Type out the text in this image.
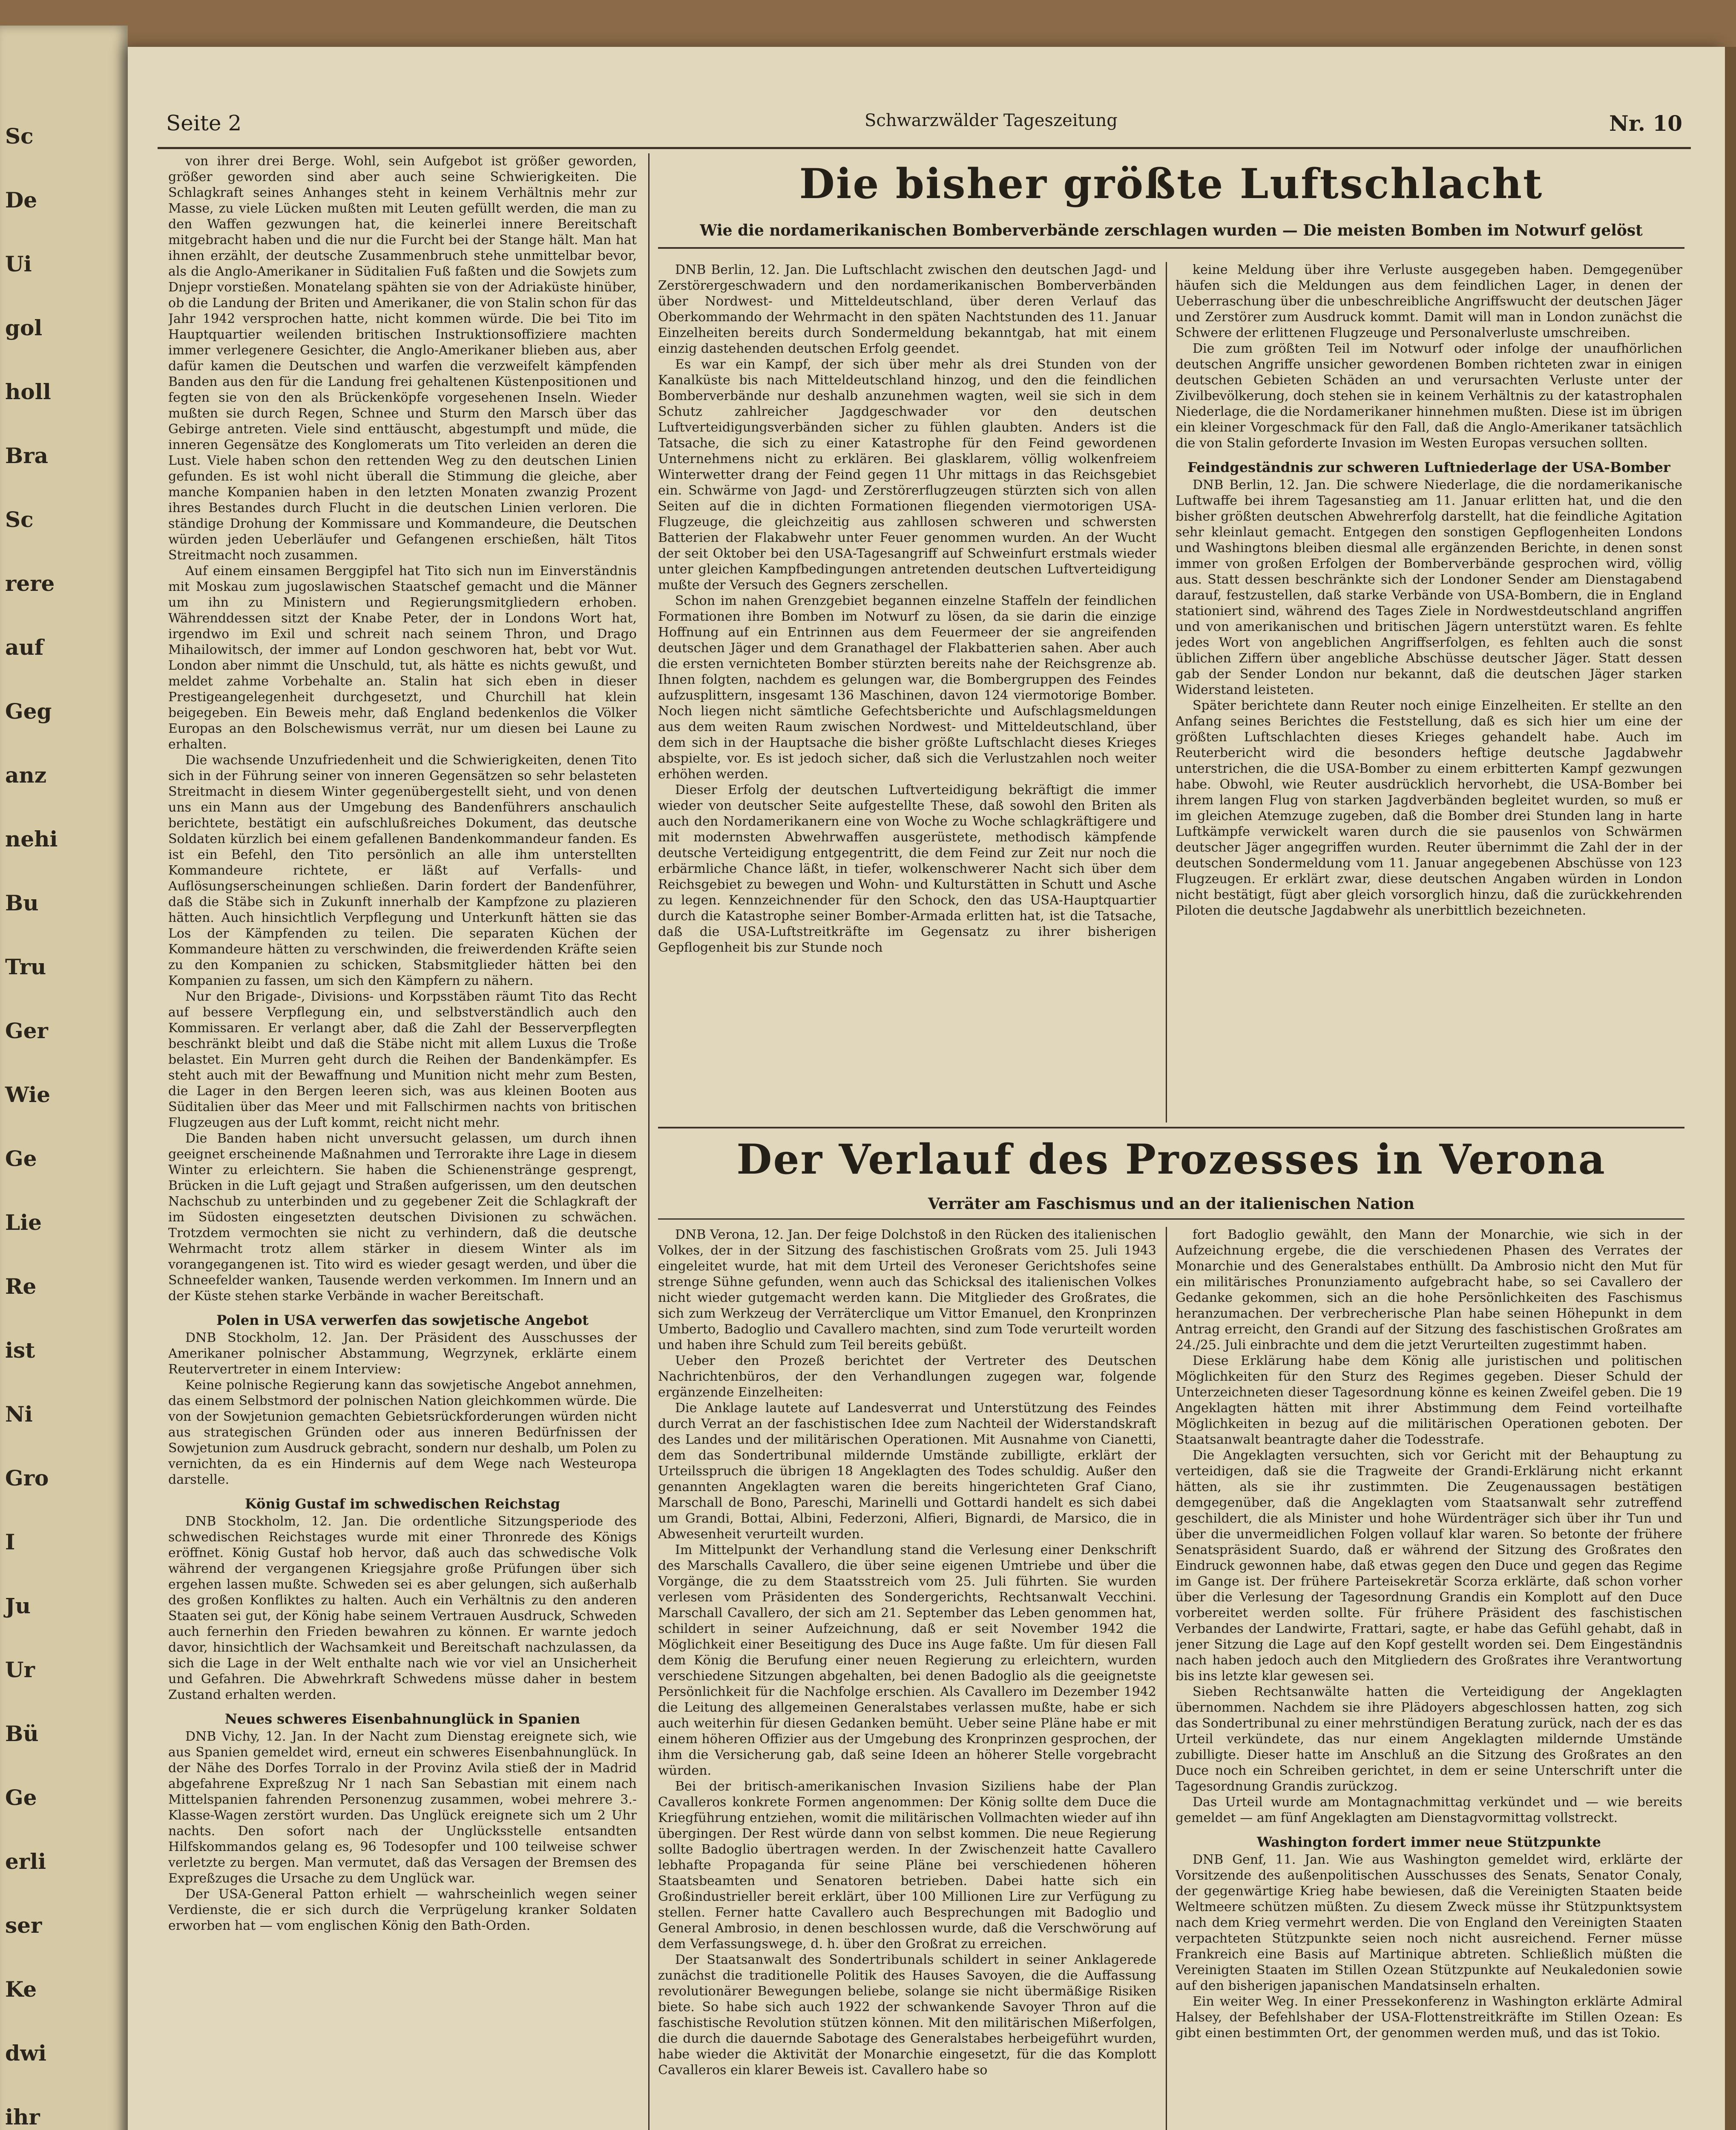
Sc
De
Ui
gol
holl
Bra
Sc
rere
auf
Geg
anz
nehi
Bu
Tru
Ger
Wie
Ge
Lie
Re
ist
Ni
Gro
I
Ju
Ur
Bü
Ge
erli
ser
Ke
dwi
ihr
Seite 2	Schwarzwälder Tageszeitung	Nr. 10

von ihrer drei Berge. Wohl, sein Aufgebot ist größer geworden, größer geworden sind aber auch seine Schwierigkeiten. Die Schlagkraft seines Anhanges steht in keinem Verhältnis mehr zur Masse, zu viele Lücken mußten mit Leuten gefüllt werden, die man zu den Waffen gezwungen hat, die keinerlei innere Bereitschaft mitgebracht haben und die nur die Furcht bei der Stange hält. Man hat ihnen erzählt, der deutsche Zusammenbruch stehe unmittelbar bevor, als die Anglo-Amerikaner in Süditalien Fuß faßten und die Sowjets zum Dnjepr vorstießen. Monatelang spähten sie von der Adriaküste hinüber, ob die Landung der Briten und Amerikaner, die von Stalin schon für das Jahr 1942 versprochen hatte, nicht kommen würde. Die bei Tito im Hauptquartier weilenden britischen Instruktionsoffiziere machten immer verlegenere Gesichter, die Anglo-Amerikaner blieben aus, aber dafür kamen die Deutschen und warfen die verzweifelt kämpfenden Banden aus den für die Landung frei gehaltenen Küstenpositionen und fegten sie von den als Brückenköpfe vorgesehenen Inseln. Wieder mußten sie durch Regen, Schnee und Sturm den Marsch über das Gebirge antreten. Viele sind enttäuscht, abgestumpft und müde, die inneren Gegensätze des Konglomerats um Tito verleiden an deren die Lust. Viele haben schon den rettenden Weg zu den deutschen Linien gefunden. Es ist wohl nicht überall die Stimmung die gleiche, aber manche Kompanien haben in den letzten Monaten zwanzig Prozent ihres Bestandes durch Flucht in die deutschen Linien verloren. Die ständige Drohung der Kommissare und Kommandeure, die Deutschen würden jeden Ueberläufer und Gefangenen erschießen, hält Titos Streitmacht noch zusammen.

Auf einem einsamen Berggipfel hat Tito sich nun im Einverständnis mit Moskau zum jugoslawischen Staatschef gemacht und die Männer um ihn zu Ministern und Regierungsmitgliedern erhoben. Währenddessen sitzt der Knabe Peter, der in Londons Wort hat, irgendwo im Exil und schreit nach seinem Thron, und Drago Mihailowitsch, der immer auf London geschworen hat, bebt vor Wut. London aber nimmt die Unschuld, tut, als hätte es nichts gewußt, und meldet zahme Vorbehalte an. Stalin hat sich eben in dieser Prestigeangelegenheit durchgesetzt, und Churchill hat klein beigegeben. Ein Beweis mehr, daß England bedenkenlos die Völker Europas an den Bolschewismus verrät, nur um diesen bei Laune zu erhalten.

Die wachsende Unzufriedenheit und die Schwierigkeiten, denen Tito sich in der Führung seiner von inneren Gegensätzen so sehr belasteten Streitmacht in diesem Winter gegenübergestellt sieht, und von denen uns ein Mann aus der Umgebung des Bandenführers anschaulich berichtete, bestätigt ein aufschlußreiches Dokument, das deutsche Soldaten kürzlich bei einem gefallenen Bandenkommandeur fanden. Es ist ein Befehl, den Tito persönlich an alle ihm unterstellten Kommandeure richtete, er läßt auf Verfalls- und Auflösungserscheinungen schließen. Darin fordert der Bandenführer, daß die Stäbe sich in Zukunft innerhalb der Kampfzone zu plazieren hätten. Auch hinsichtlich Verpflegung und Unterkunft hätten sie das Los der Kämpfenden zu teilen. Die separaten Küchen der Kommandeure hätten zu verschwinden, die freiwerdenden Kräfte seien zu den Kompanien zu schicken, Stabsmitglieder hätten bei den Kompanien zu fassen, um sich den Kämpfern zu nähern.

Nur den Brigade-, Divisions- und Korpsstäben räumt Tito das Recht auf bessere Verpflegung ein, und selbstverständlich auch den Kommissaren. Er verlangt aber, daß die Zahl der Besserverpflegten beschränkt bleibt und daß die Stäbe nicht mit allem Luxus die Troße belastet. Ein Murren geht durch die Reihen der Bandenkämpfer. Es steht auch mit der Bewaffnung und Munition nicht mehr zum Besten, die Lager in den Bergen leeren sich, was aus kleinen Booten aus Süditalien über das Meer und mit Fallschirmen nachts von britischen Flugzeugen aus der Luft kommt, reicht nicht mehr.

Die Banden haben nicht unversucht gelassen, um durch ihnen geeignet erscheinende Maßnahmen und Terrorakte ihre Lage in diesem Winter zu erleichtern. Sie haben die Schienenstränge gesprengt, Brücken in die Luft gejagt und Straßen aufgerissen, um den deutschen Nachschub zu unterbinden und zu gegebener Zeit die Schlagkraft der im Südosten eingesetzten deutschen Divisionen zu schwächen. Trotzdem vermochten sie nicht zu verhindern, daß die deutsche Wehrmacht trotz allem stärker in diesem Winter als im vorangegangenen ist. Tito wird es wieder gesagt werden, und über die Schneefelder wanken, Tausende werden verkommen. Im Innern und an der Küste stehen starke Verbände in wacher Bereitschaft.

Polen in USA verwerfen das sowjetische Angebot

DNB Stockholm, 12. Jan. Der Präsident des Ausschusses der Amerikaner polnischer Abstammung, Wegrzynek, erklärte einem Reutervertreter in einem Interview:

Keine polnische Regierung kann das sowjetische Angebot annehmen, das einem Selbstmord der polnischen Nation gleichkommen würde. Die von der Sowjetunion gemachten Gebietsrückforderungen würden nicht aus strategischen Gründen oder aus inneren Bedürfnissen der Sowjetunion zum Ausdruck gebracht, sondern nur deshalb, um Polen zu vernichten, da es ein Hindernis auf dem Wege nach Westeuropa darstelle.

König Gustaf im schwedischen Reichstag

DNB Stockholm, 12. Jan. Die ordentliche Sitzungsperiode des schwedischen Reichstages wurde mit einer Thronrede des Königs eröffnet. König Gustaf hob hervor, daß auch das schwedische Volk während der vergangenen Kriegsjahre große Prüfungen über sich ergehen lassen mußte. Schweden sei es aber gelungen, sich außerhalb des großen Konfliktes zu halten. Auch ein Verhältnis zu den anderen Staaten sei gut, der König habe seinem Vertrauen Ausdruck, Schweden auch fernerhin den Frieden bewahren zu können. Er warnte jedoch davor, hinsichtlich der Wachsamkeit und Bereitschaft nachzulassen, da sich die Lage in der Welt enthalte nach wie vor viel an Unsicherheit und Gefahren. Die Abwehrkraft Schwedens müsse daher in bestem Zustand erhalten werden.

Neues schweres Eisenbahnunglück in Spanien

DNB Vichy, 12. Jan. In der Nacht zum Dienstag ereignete sich, wie aus Spanien gemeldet wird, erneut ein schweres Eisenbahnunglück. In der Nähe des Dorfes Torralo in der Provinz Avila stieß der in Madrid abgefahrene Expreßzug Nr 1 nach San Sebastian mit einem nach Mittelspanien fahrenden Personenzug zusammen, wobei mehrere 3.-Klasse-Wagen zerstört wurden. Das Unglück ereignete sich um 2 Uhr nachts. Den sofort nach der Unglücksstelle entsandten Hilfskommandos gelang es, 96 Todesopfer und 100 teilweise schwer verletzte zu bergen. Man vermutet, daß das Versagen der Bremsen des Expreßzuges die Ursache zu dem Unglück war.

Der USA-General Patton erhielt — wahrscheinlich wegen seiner Verdienste, die er sich durch die Verprügelung kranker Soldaten erworben hat — vom englischen König den Bath-Orden.

Die bisher größte Luftschlacht
Wie die nordamerikanischen Bomberverbände zerschlagen wurden — Die meisten Bomben im Notwurf gelöst

DNB Berlin, 12. Jan. Die Luftschlacht zwischen den deutschen Jagd- und Zerstörergeschwadern und den nordamerikanischen Bomberverbänden über Nordwest- und Mitteldeutschland, über deren Verlauf das Oberkommando der Wehrmacht in den späten Nachtstunden des 11. Januar Einzelheiten bereits durch Sondermeldung bekanntgab, hat mit einem einzig dastehenden deutschen Erfolg geendet.

Es war ein Kampf, der sich über mehr als drei Stunden von der Kanalküste bis nach Mitteldeutschland hinzog, und den die feindlichen Bomberverbände nur deshalb anzunehmen wagten, weil sie sich in dem Schutz zahlreicher Jagdgeschwader vor den deutschen Luftverteidigungsverbänden sicher zu fühlen glaubten. Anders ist die Tatsache, die sich zu einer Katastrophe für den Feind gewordenen Unternehmens nicht zu erklären. Bei glasklarem, völlig wolkenfreiem Winterwetter drang der Feind gegen 11 Uhr mittags in das Reichsgebiet ein. Schwärme von Jagd- und Zerstörerflugzeugen stürzten sich von allen Seiten auf die in dichten Formationen fliegenden viermotorigen USA-Flugzeuge, die gleichzeitig aus zahllosen schweren und schwersten Batterien der Flakabwehr unter Feuer genommen wurden. An der Wucht der seit Oktober bei den USA-Tagesangriff auf Schweinfurt erstmals wieder unter gleichen Kampfbedingungen antretenden deutschen Luftverteidigung mußte der Versuch des Gegners zerschellen.

Schon im nahen Grenzgebiet begannen einzelne Staffeln der feindlichen Formationen ihre Bomben im Notwurf zu lösen, da sie darin die einzige Hoffnung auf ein Entrinnen aus dem Feuermeer der sie angreifenden deutschen Jäger und dem Granathagel der Flakbatterien sahen. Aber auch die ersten vernichteten Bomber stürzten bereits nahe der Reichsgrenze ab. Ihnen folgten, nachdem es gelungen war, die Bombergruppen des Feindes aufzusplittern, insgesamt 136 Maschinen, davon 124 viermotorige Bomber. Noch liegen nicht sämtliche Gefechtsberichte und Aufschlagsmeldungen aus dem weiten Raum zwischen Nordwest- und Mitteldeutschland, über dem sich in der Hauptsache die bisher größte Luftschlacht dieses Krieges abspielte, vor. Es ist jedoch sicher, daß sich die Verlustzahlen noch weiter erhöhen werden.

Dieser Erfolg der deutschen Luftverteidigung bekräftigt die immer wieder von deutscher Seite aufgestellte These, daß sowohl den Briten als auch den Nordamerikanern eine von Woche zu Woche schlagkräftigere und mit modernsten Abwehrwaffen ausgerüstete, methodisch kämpfende deutsche Verteidigung entgegentritt, die dem Feind zur Zeit nur noch die erbärmliche Chance läßt, in tiefer, wolkenschwerer Nacht sich über dem Reichsgebiet zu bewegen und Wohn- und Kulturstätten in Schutt und Asche zu legen. Kennzeichnender für den Schock, den das USA-Hauptquartier durch die Katastrophe seiner Bomber-Armada erlitten hat, ist die Tatsache, daß die USA-Luftstreitkräfte im Gegensatz zu ihrer bisherigen Gepflogenheit bis zur Stunde noch

keine Meldung über ihre Verluste ausgegeben haben. Demgegenüber häufen sich die Meldungen aus dem feindlichen Lager, in denen der Ueberraschung über die unbeschreibliche Angriffswucht der deutschen Jäger und Zerstörer zum Ausdruck kommt. Damit will man in London zunächst die Schwere der erlittenen Flugzeuge und Personalverluste umschreiben.

Die zum größten Teil im Notwurf oder infolge der unaufhörlichen deutschen Angriffe unsicher gewordenen Bomben richteten zwar in einigen deutschen Gebieten Schäden an und verursachten Verluste unter der Zivilbevölkerung, doch stehen sie in keinem Verhältnis zu der katastrophalen Niederlage, die die Nordamerikaner hinnehmen mußten. Diese ist im übrigen ein kleiner Vorgeschmack für den Fall, daß die Anglo-Amerikaner tatsächlich die von Stalin geforderte Invasion im Westen Europas versuchen sollten.

Feindgeständnis zur schweren Luftniederlage der USA-Bomber

DNB Berlin, 12. Jan. Die schwere Niederlage, die die nordamerikanische Luftwaffe bei ihrem Tagesanstieg am 11. Januar erlitten hat, und die den bisher größten deutschen Abwehrerfolg darstellt, hat die feindliche Agitation sehr kleinlaut gemacht. Entgegen den sonstigen Gepflogenheiten Londons und Washingtons bleiben diesmal alle ergänzenden Berichte, in denen sonst immer von großen Erfolgen der Bomberverbände gesprochen wird, völlig aus. Statt dessen beschränkte sich der Londoner Sender am Dienstagabend darauf, festzustellen, daß starke Verbände von USA-Bombern, die in England stationiert sind, während des Tages Ziele in Nordwestdeutschland angriffen und von amerikanischen und britischen Jägern unterstützt waren. Es fehlte jedes Wort von angeblichen Angriffserfolgen, es fehlten auch die sonst üblichen Ziffern über angebliche Abschüsse deutscher Jäger. Statt dessen gab der Sender London nur bekannt, daß die deutschen Jäger starken Widerstand leisteten.

Später berichtete dann Reuter noch einige Einzelheiten. Er stellte an den Anfang seines Berichtes die Feststellung, daß es sich hier um eine der größten Luftschlachten dieses Krieges gehandelt habe. Auch im Reuterbericht wird die besonders heftige deutsche Jagdabwehr unterstrichen, die die USA-Bomber zu einem erbitterten Kampf gezwungen habe. Obwohl, wie Reuter ausdrücklich hervorhebt, die USA-Bomber bei ihrem langen Flug von starken Jagdverbänden begleitet wurden, so muß er im gleichen Atemzuge zugeben, daß die Bomber drei Stunden lang in harte Luftkämpfe verwickelt waren durch die sie pausenlos von Schwärmen deutscher Jäger angegriffen wurden. Reuter übernimmt die Zahl der in der deutschen Sondermeldung vom 11. Januar angegebenen Abschüsse von 123 Flugzeugen. Er erklärt zwar, diese deutschen Angaben würden in London nicht bestätigt, fügt aber gleich vorsorglich hinzu, daß die zurückkehrenden Piloten die deutsche Jagdabwehr als unerbittlich bezeichneten.

Der Verlauf des Prozesses in Verona
Verräter am Faschismus und an der italienischen Nation

DNB Verona, 12. Jan. Der feige Dolchstoß in den Rücken des italienischen Volkes, der in der Sitzung des faschistischen Großrats vom 25. Juli 1943 eingeleitet wurde, hat mit dem Urteil des Veroneser Gerichtshofes seine strenge Sühne gefunden, wenn auch das Schicksal des italienischen Volkes nicht wieder gutgemacht werden kann. Die Mitglieder des Großrates, die sich zum Werkzeug der Verräterclique um Vittor Emanuel, den Kronprinzen Umberto, Badoglio und Cavallero machten, sind zum Tode verurteilt worden und haben ihre Schuld zum Teil bereits gebüßt.

Ueber den Prozeß berichtet der Vertreter des Deutschen Nachrichtenbüros, der den Verhandlungen zugegen war, folgende ergänzende Einzelheiten:

Die Anklage lautete auf Landesverrat und Unterstützung des Feindes durch Verrat an der faschistischen Idee zum Nachteil der Widerstandskraft des Landes und der militärischen Operationen. Mit Ausnahme von Cianetti, dem das Sondertribunal mildernde Umstände zubilligte, erklärt der Urteilsspruch die übrigen 18 Angeklagten des Todes schuldig. Außer den genannten Angeklagten waren die bereits hingerichteten Graf Ciano, Marschall de Bono, Pareschi, Marinelli und Gottardi handelt es sich dabei um Grandi, Bottai, Albini, Federzoni, Alfieri, Bignardi, de Marsico, die in Abwesenheit verurteilt wurden.

Im Mittelpunkt der Verhandlung stand die Verlesung einer Denkschrift des Marschalls Cavallero, die über seine eigenen Umtriebe und über die Vorgänge, die zu dem Staatsstreich vom 25. Juli führten. Sie wurden verlesen vom Präsidenten des Sondergerichts, Rechtsanwalt Vecchini. Marschall Cavallero, der sich am 21. September das Leben genommen hat, schildert in seiner Aufzeichnung, daß er seit November 1942 die Möglichkeit einer Beseitigung des Duce ins Auge faßte. Um für diesen Fall dem König die Berufung einer neuen Regierung zu erleichtern, wurden verschiedene Sitzungen abgehalten, bei denen Badoglio als die geeignetste Persönlichkeit für die Nachfolge erschien. Als Cavallero im Dezember 1942 die Leitung des allgemeinen Generalstabes verlassen mußte, habe er sich auch weiterhin für diesen Gedanken bemüht. Ueber seine Pläne habe er mit einem höheren Offizier aus der Umgebung des Kronprinzen gesprochen, der ihm die Versicherung gab, daß seine Ideen an höherer Stelle vorgebracht würden.

Bei der britisch-amerikanischen Invasion Siziliens habe der Plan Cavalleros konkrete Formen angenommen: Der König sollte dem Duce die Kriegführung entziehen, womit die militärischen Vollmachten wieder auf ihn übergingen. Der Rest würde dann von selbst kommen. Die neue Regierung sollte Badoglio übertragen werden. In der Zwischenzeit hatte Cavallero lebhafte Propaganda für seine Pläne bei verschiedenen höheren Staatsbeamten und Senatoren betrieben. Dabei hatte sich ein Großindustrieller bereit erklärt, über 100 Millionen Lire zur Verfügung zu stellen. Ferner hatte Cavallero auch Besprechungen mit Badoglio und General Ambrosio, in denen beschlossen wurde, daß die Verschwörung auf dem Verfassungswege, d. h. über den Großrat zu erreichen.

Der Staatsanwalt des Sondertribunals schildert in seiner Anklagerede zunächst die traditionelle Politik des Hauses Savoyen, die die Auffassung revolutionärer Bewegungen beliebe, solange sie nicht übermäßige Risiken biete. So habe sich auch 1922 der schwankende Savoyer Thron auf die faschistische Revolution stützen können. Mit den militärischen Mißerfolgen, die durch die dauernde Sabotage des Generalstabes herbeigeführt wurden, habe wieder die Aktivität der Monarchie eingesetzt, für die das Komplott Cavalleros ein klarer Beweis ist. Cavallero habe so

fort Badoglio gewählt, den Mann der Monarchie, wie sich in der Aufzeichnung ergebe, die die verschiedenen Phasen des Verrates der Monarchie und des Generalstabes enthüllt. Da Ambrosio nicht den Mut für ein militärisches Pronunziamento aufgebracht habe, so sei Cavallero der Gedanke gekommen, sich an die hohe Persönlichkeiten des Faschismus heranzumachen. Der verbrecherische Plan habe seinen Höhepunkt in dem Antrag erreicht, den Grandi auf der Sitzung des faschistischen Großrates am 24./25. Juli einbrachte und dem die jetzt Verurteilten zugestimmt haben.

Diese Erklärung habe dem König alle juristischen und politischen Möglichkeiten für den Sturz des Regimes gegeben. Dieser Schuld der Unterzeichneten dieser Tagesordnung könne es keinen Zweifel geben. Die 19 Angeklagten hätten mit ihrer Abstimmung dem Feind vorteilhafte Möglichkeiten in bezug auf die militärischen Operationen geboten. Der Staatsanwalt beantragte daher die Todesstrafe.

Die Angeklagten versuchten, sich vor Gericht mit der Behauptung zu verteidigen, daß sie die Tragweite der Grandi-Erklärung nicht erkannt hätten, als sie ihr zustimmten. Die Zeugenaussagen bestätigen demgegenüber, daß die Angeklagten vom Staatsanwalt sehr zutreffend geschildert, die als Minister und hohe Würdenträger sich über ihr Tun und über die unvermeidlichen Folgen vollauf klar waren. So betonte der frühere Senatspräsident Suardo, daß er während der Sitzung des Großrates den Eindruck gewonnen habe, daß etwas gegen den Duce und gegen das Regime im Gange ist. Der frühere Parteisekretär Scorza erklärte, daß schon vorher über die Verlesung der Tagesordnung Grandis ein Komplott auf den Duce vorbereitet werden sollte. Für frühere Präsident des faschistischen Verbandes der Landwirte, Frattari, sagte, er habe das Gefühl gehabt, daß in jener Sitzung die Lage auf den Kopf gestellt worden sei. Dem Eingeständnis nach haben jedoch auch den Mitgliedern des Großrates ihre Verantwortung bis ins letzte klar gewesen sei.

Sieben Rechtsanwälte hatten die Verteidigung der Angeklagten übernommen. Nachdem sie ihre Plädoyers abgeschlossen hatten, zog sich das Sondertribunal zu einer mehrstündigen Beratung zurück, nach der es das Urteil verkündete, das nur einem Angeklagten mildernde Umstände zubilligte. Dieser hatte im Anschluß an die Sitzung des Großrates an den Duce noch ein Schreiben gerichtet, in dem er seine Unterschrift unter die Tagesordnung Grandis zurückzog.

Das Urteil wurde am Montagnachmittag verkündet und — wie bereits gemeldet — am fünf Angeklagten am Dienstagvormittag vollstreckt.

Washington fordert immer neue Stützpunkte

DNB Genf, 11. Jan. Wie aus Washington gemeldet wird, erklärte der Vorsitzende des außenpolitischen Ausschusses des Senats, Senator Conaly, der gegenwärtige Krieg habe bewiesen, daß die Vereinigten Staaten beide Weltmeere schützen müßten. Zu diesem Zweck müsse ihr Stützpunktsystem nach dem Krieg vermehrt werden. Die von England den Vereinigten Staaten verpachteten Stützpunkte seien noch nicht ausreichend. Ferner müsse Frankreich eine Basis auf Martinique abtreten. Schließlich müßten die Vereinigten Staaten im Stillen Ozean Stützpunkte auf Neukaledonien sowie auf den bisherigen japanischen Mandatsinseln erhalten.

Ein weiter Weg. In einer Pressekonferenz in Washington erklärte Admiral Halsey, der Befehlshaber der USA-Flottenstreitkräfte im Stillen Ozean: Es gibt einen bestimmten Ort, der genommen werden muß, und das ist Tokio.
